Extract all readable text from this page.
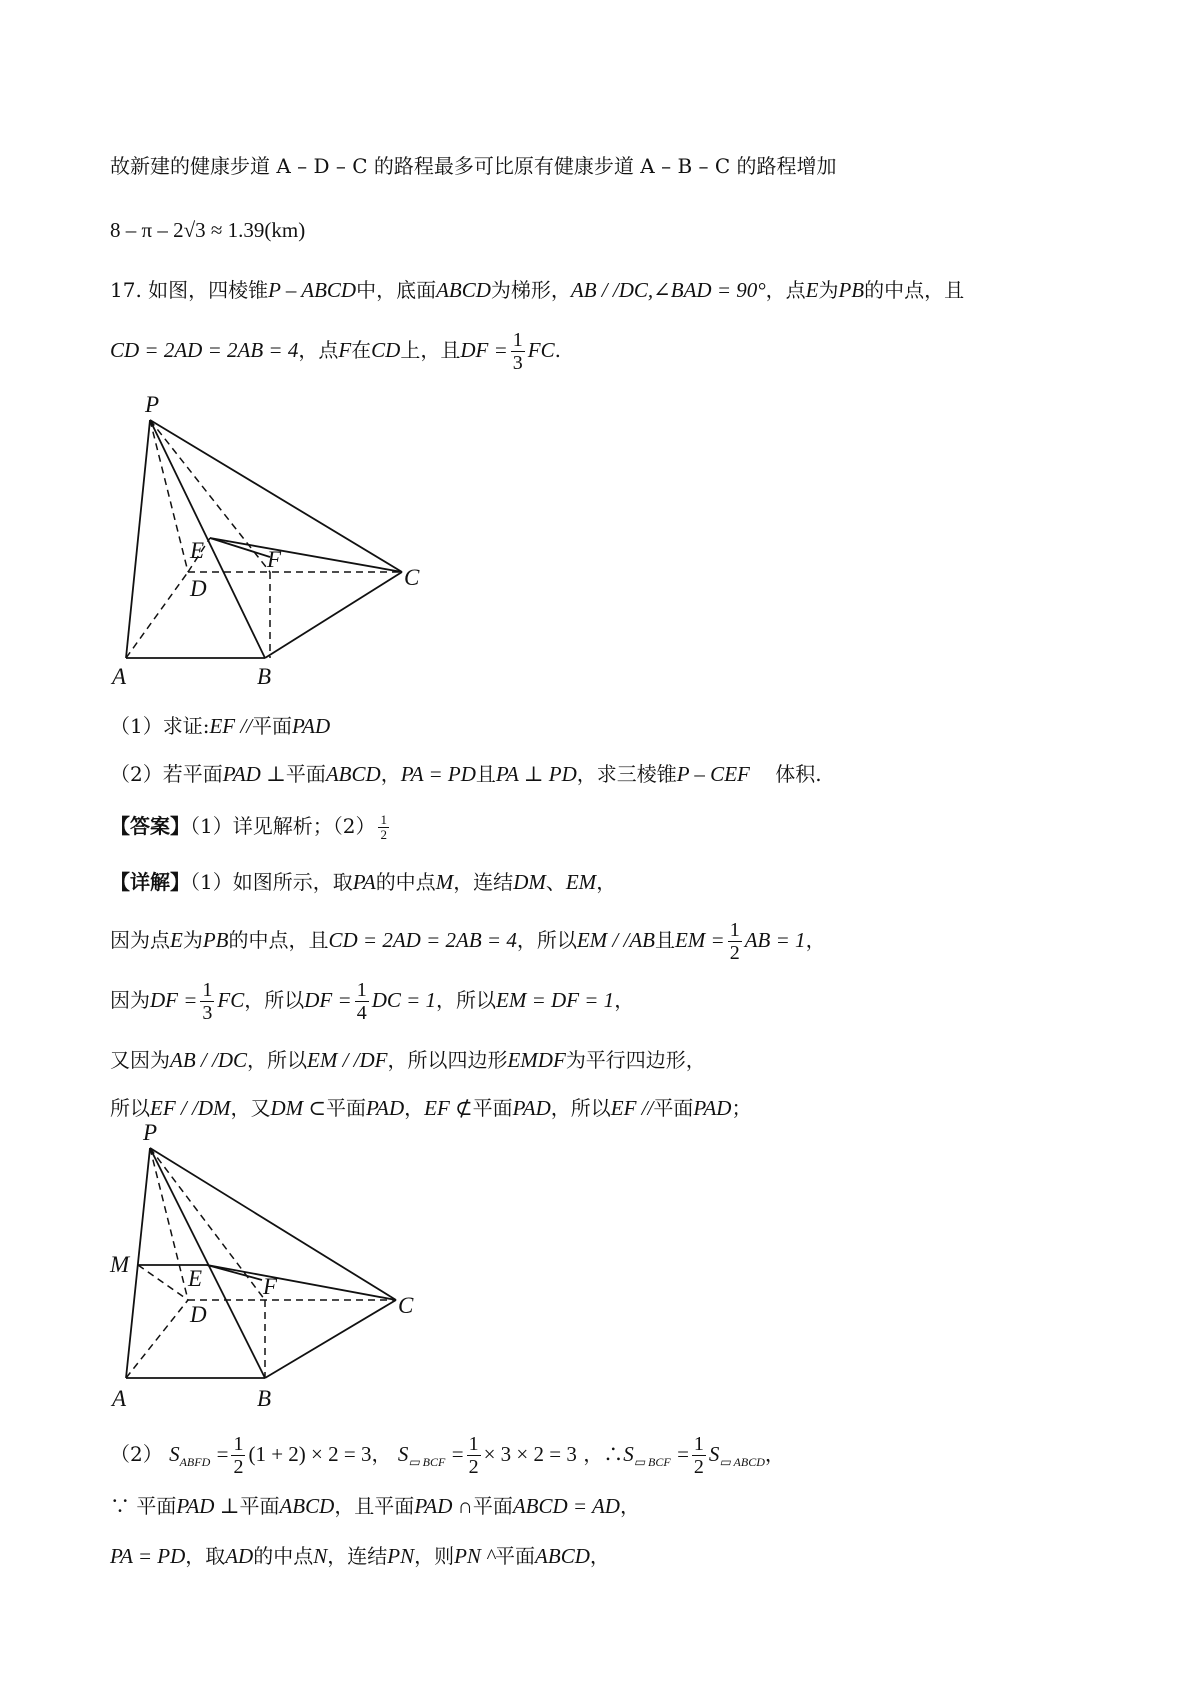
故新建的健康步道 A – D – C 的路程最多可比原有健康步道 A – B – C 的路程增加
8 – π – 2√3 ≈ 1.39(km)
17. 如图，四棱锥P – ABCD中，底面ABCD为梯形，AB / /DC,∠BAD = 90°，点E为PB的中点，且
CD = 2AD = 2AB = 4，点F在CD上，且DF = $\frac{1}{3}$ FC.
P
E	F
D	C
A	B
（1）求证:EF //平面PAD
（2）若平面PAD ⊥平面ABCD，PA = PD且PA ⊥ PD，求三棱锥P – CEF    体积.
【答案】（1）详见解析；$(2) \frac{1}{2}$
【详解】（1）如图所示，取PA的中点M，连结DM、EM，
因为点E为PB的中点，且CD = 2AD = 2AB = 4，所以EM / /AB且EM = $\frac{1}{2}$ AB = 1，
因为DF = $\frac{1}{3}$ FC，所以DF = $\frac{1}{4}$ DC = 1，所以EM = DF = 1，
又因为AB / /DC，所以EM / /DF，所以四边形EMDF为平行四边形，
所以EF / /DM，又DM ⊂平面PAD，EF ⊄平面PAD，所以EF //平面PAD；
P
M
E	F
D	C
A	B
（2） $S_{ABFD} = \frac{1}{2} (1 + 2) \times 2 = 3$， $S_{▭ BCF} = \frac{1}{2} \times 3 \times 2 = 3$ ，$\therefore S_{▭ BCF} = \frac{1}{2} S_{▭ ABCD}$，
∵ 平面PAD ⊥平面ABCD，且平面PAD ∩平面ABCD = AD，
PA = PD，取AD的中点N，连结PN，则PN ^平面ABCD，
